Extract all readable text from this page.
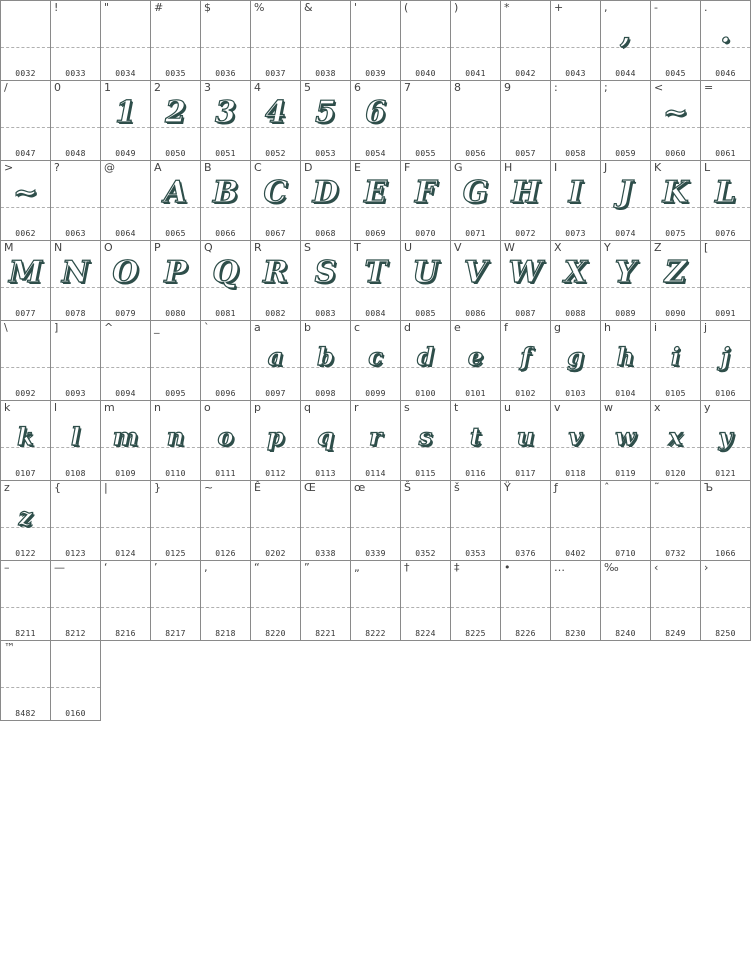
0032
!
0033
"
0034
#
0035
$
0036
%
0037
&
0038
'
0039
(
0040
)
0041
*
0042
+
0043
,
,
0044
-
0045
.
.
0046
/
0047
0
0048
1
1
0049
2
2
0050
3
3
0051
4
4
0052
5
5
0053
6
6
0054
7
0055
8
0056
9
0057
:
0058
;
0059
<
~
0060
=
0061
>
~
0062
?
0063
@
0064
A
A
0065
B
B
0066
C
C
0067
D
D
0068
E
E
0069
F
F
0070
G
G
0071
H
H
0072
I
I
0073
J
J
0074
K
K
0075
L
L
0076
M
M
0077
N
N
0078
O
O
0079
P
P
0080
Q
Q
0081
R
R
0082
S
S
0083
T
T
0084
U
U
0085
V
V
0086
W
W
0087
X
X
0088
Y
Y
0089
Z
Z
0090
[
0091
\
0092
]
0093
^
0094
_
0095
`
0096
a
a
0097
b
b
0098
c
c
0099
d
d
0100
e
e
0101
f
f
0102
g
g
0103
h
h
0104
i
i
0105
j
j
0106
k
k
0107
l
l
0108
m
m
0109
n
n
0110
o
o
0111
p
p
0112
q
q
0113
r
r
0114
s
s
0115
t
t
0116
u
u
0117
v
v
0118
w
w
0119
x
x
0120
y
y
0121
z
z
0122
{
0123
|
0124
}
0125
~
0126
Ê
0202
Œ
0338
œ
0339
Š
0352
š
0353
Ÿ
0376
ƒ
0402
ˆ
0710
˜
0732
Ъ
1066
–
8211
—
8212
‘
8216
’
8217
‚
8218
“
8220
”
8221
„
8222
†
8224
‡
8225
•
8226
…
8230
‰
8240
‹
8249
›
8250
™
8482
	0160
